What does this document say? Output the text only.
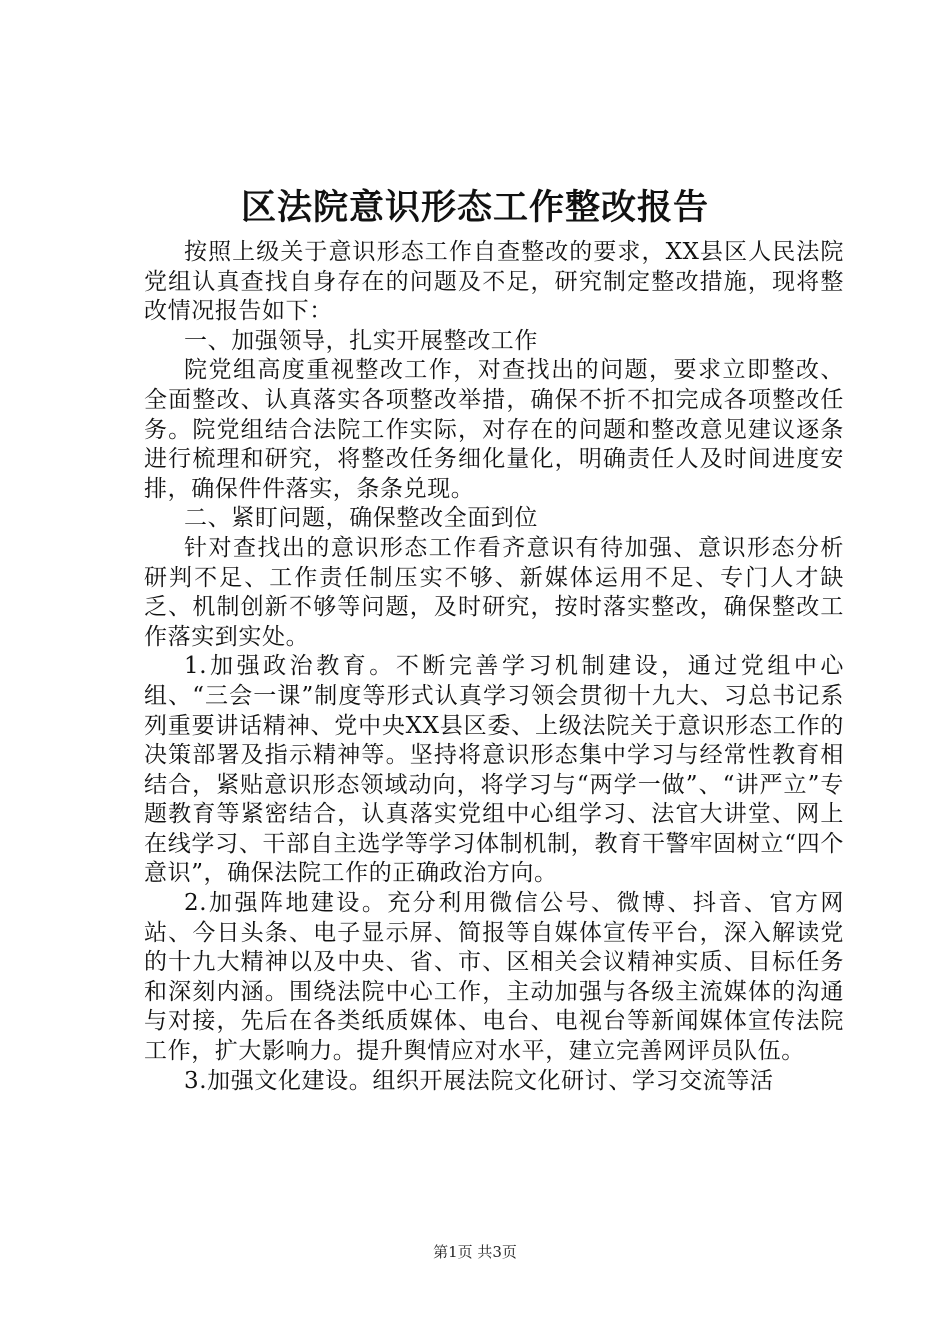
区法院意识形态工作整改报告

按照上级关于意识形态工作自查整改的要求，XX县区人民法院党组认真查找自身存在的问题及不足，研究制定整改措施，现将整改情况报告如下：

一、加强领导，扎实开展整改工作

院党组高度重视整改工作，对查找出的问题，要求立即整改、全面整改、认真落实各项整改举措，确保不折不扣完成各项整改任务。院党组结合法院工作实际，对存在的问题和整改意见建议逐条进行梳理和研究，将整改任务细化量化，明确责任人及时间进度安排，确保件件落实，条条兑现。

二、紧盯问题，确保整改全面到位

针对查找出的意识形态工作看齐意识有待加强、意识形态分析研判不足、工作责任制压实不够、新媒体运用不足、专门人才缺乏、机制创新不够等问题，及时研究，按时落实整改，确保整改工作落实到实处。

1.加强政治教育。不断完善学习机制建设，通过党组中心组、“三会一课”制度等形式认真学习领会贯彻十九大、习总书记系列重要讲话精神、党中央XX县区委、上级法院关于意识形态工作的决策部署及指示精神等。坚持将意识形态集中学习与经常性教育相结合，紧贴意识形态领域动向，将学习与“两学一做”、“讲严立”专题教育等紧密结合，认真落实党组中心组学习、法官大讲堂、网上在线学习、干部自主选学等学习体制机制，教育干警牢固树立“四个意识”，确保法院工作的正确政治方向。

2.加强阵地建设。充分利用微信公号、微博、抖音、官方网站、今日头条、电子显示屏、简报等自媒体宣传平台，深入解读党的十九大精神以及中央、省、市、区相关会议精神实质、目标任务和深刻内涵。围绕法院中心工作，主动加强与各级主流媒体的沟通与对接，先后在各类纸质媒体、电台、电视台等新闻媒体宣传法院工作，扩大影响力。提升舆情应对水平，建立完善网评员队伍。

3.加强文化建设。组织开展法院文化研讨、学习交流等活

第1页 共3页
